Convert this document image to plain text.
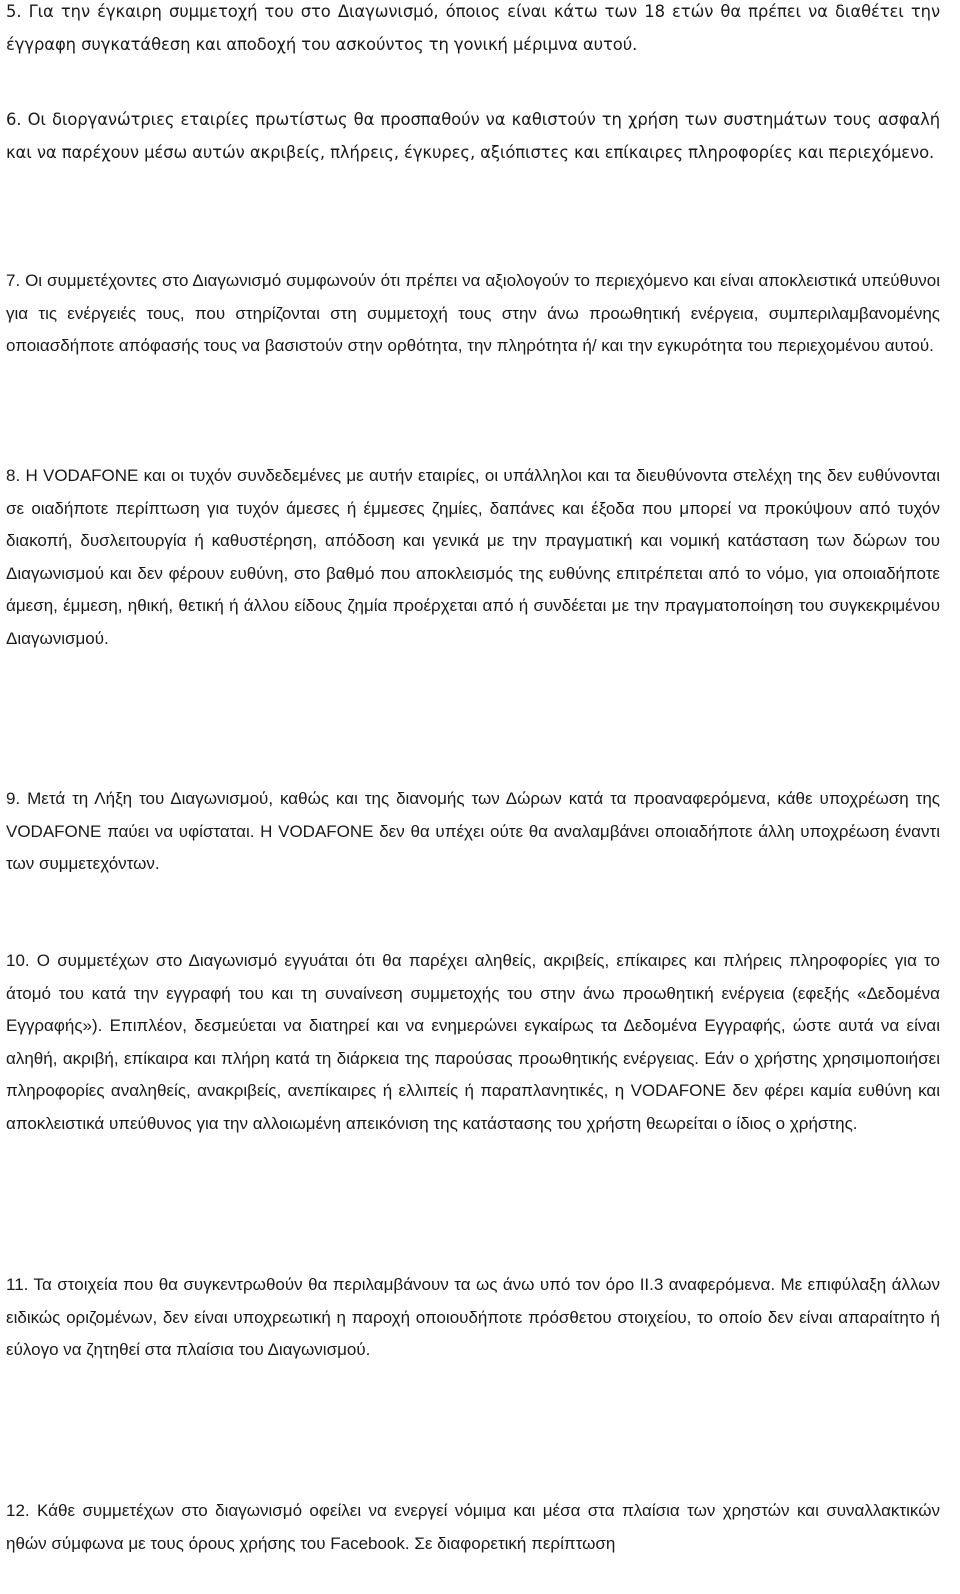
5. Για την έγκαιρη συμμετοχή του στο Διαγωνισμό, όποιος είναι κάτω των 18 ετών θα πρέπει να διαθέτει την έγγραφη συγκατάθεση και αποδοχή του ασκούντος τη γονική μέριμνα αυτού.

6. Οι διοργανώτριες εταιρίες πρωτίστως θα προσπαθούν να καθιστούν τη χρήση των συστημάτων τους ασφαλή και να παρέχουν μέσω αυτών ακριβείς, πλήρεις, έγκυρες, αξιόπιστες και επίκαιρες πληροφορίες και περιεχόμενο.

7. Οι συμμετέχοντες στο Διαγωνισμό συμφωνούν ότι πρέπει να αξιολογούν το περιεχόμενο και είναι αποκλειστικά υπεύθυνοι για τις ενέργειές τους, που στηρίζονται στη συμμετοχή τους στην άνω προωθητική ενέργεια, συμπεριλαμβανομένης οποιασδήποτε απόφασής τους να βασιστούν στην ορθότητα, την πληρότητα ή/ και την εγκυρότητα του περιεχομένου αυτού.

8. Η VODAFONE και οι τυχόν συνδεδεμένες με αυτήν εταιρίες, οι υπάλληλοι και τα διευθύνοντα στελέχη της δεν ευθύνονται σε οιαδήποτε περίπτωση για τυχόν άμεσες ή έμμεσες ζημίες, δαπάνες και έξοδα που μπορεί να προκύψουν από τυχόν διακοπή, δυσλειτουργία ή καθυστέρηση, απόδοση και γενικά με την πραγματική και νομική κατάσταση των δώρων του Διαγωνισμού και δεν φέρουν ευθύνη, στο βαθμό που αποκλεισμός της ευθύνης επιτρέπεται από το νόμο, για οποιαδήποτε άμεση, έμμεση, ηθική, θετική ή άλλου είδους ζημία προέρχεται από ή συνδέεται με την πραγματοποίηση του συγκεκριμένου Διαγωνισμού.

9. Μετά τη Λήξη του Διαγωνισμού, καθώς και της διανομής των Δώρων κατά τα προαναφερόμενα, κάθε υποχρέωση της VODAFONE παύει να υφίσταται. Η VODAFONE δεν θα υπέχει ούτε θα αναλαμβάνει οποιαδήποτε άλλη υποχρέωση έναντι των συμμετεχόντων.

10. Ο συμμετέχων στο Διαγωνισμό εγγυάται ότι θα παρέχει αληθείς, ακριβείς, επίκαιρες και πλήρεις πληροφορίες για το άτομό του κατά την εγγραφή του και τη συναίνεση συμμετοχής του στην άνω προωθητική ενέργεια (εφεξής «Δεδομένα Εγγραφής»). Επιπλέον, δεσμεύεται να διατηρεί και να ενημερώνει εγκαίρως τα Δεδομένα Εγγραφής, ώστε αυτά να είναι αληθή, ακριβή, επίκαιρα και πλήρη κατά τη διάρκεια της παρούσας προωθητικής ενέργειας. Εάν ο χρήστης χρησιμοποιήσει πληροφορίες αναληθείς, ανακριβείς, ανεπίκαιρες ή ελλιπείς ή παραπλανητικές, η VODAFONE δεν φέρει καμία ευθύνη και αποκλειστικά υπεύθυνος για την αλλοιωμένη απεικόνιση της κατάστασης του χρήστη θεωρείται ο ίδιος ο χρήστης.

11. Τα στοιχεία που θα συγκεντρωθούν θα περιλαμβάνουν τα ως άνω υπό τον όρο ΙΙ.3 αναφερόμενα. Με επιφύλαξη άλλων ειδικώς οριζομένων, δεν είναι υποχρεωτική η παροχή οποιουδήποτε πρόσθετου στοιχείου, το οποίο δεν είναι απαραίτητο ή εύλογο να ζητηθεί στα πλαίσια του Διαγωνισμού.

12. Κάθε συμμετέχων στο διαγωνισμό οφείλει να ενεργεί νόμιμα και μέσα στα πλαίσια των χρηστών και συναλλακτικών ηθών σύμφωνα με τους όρους χρήσης του Facebook. Σε διαφορετική περίπτωση
